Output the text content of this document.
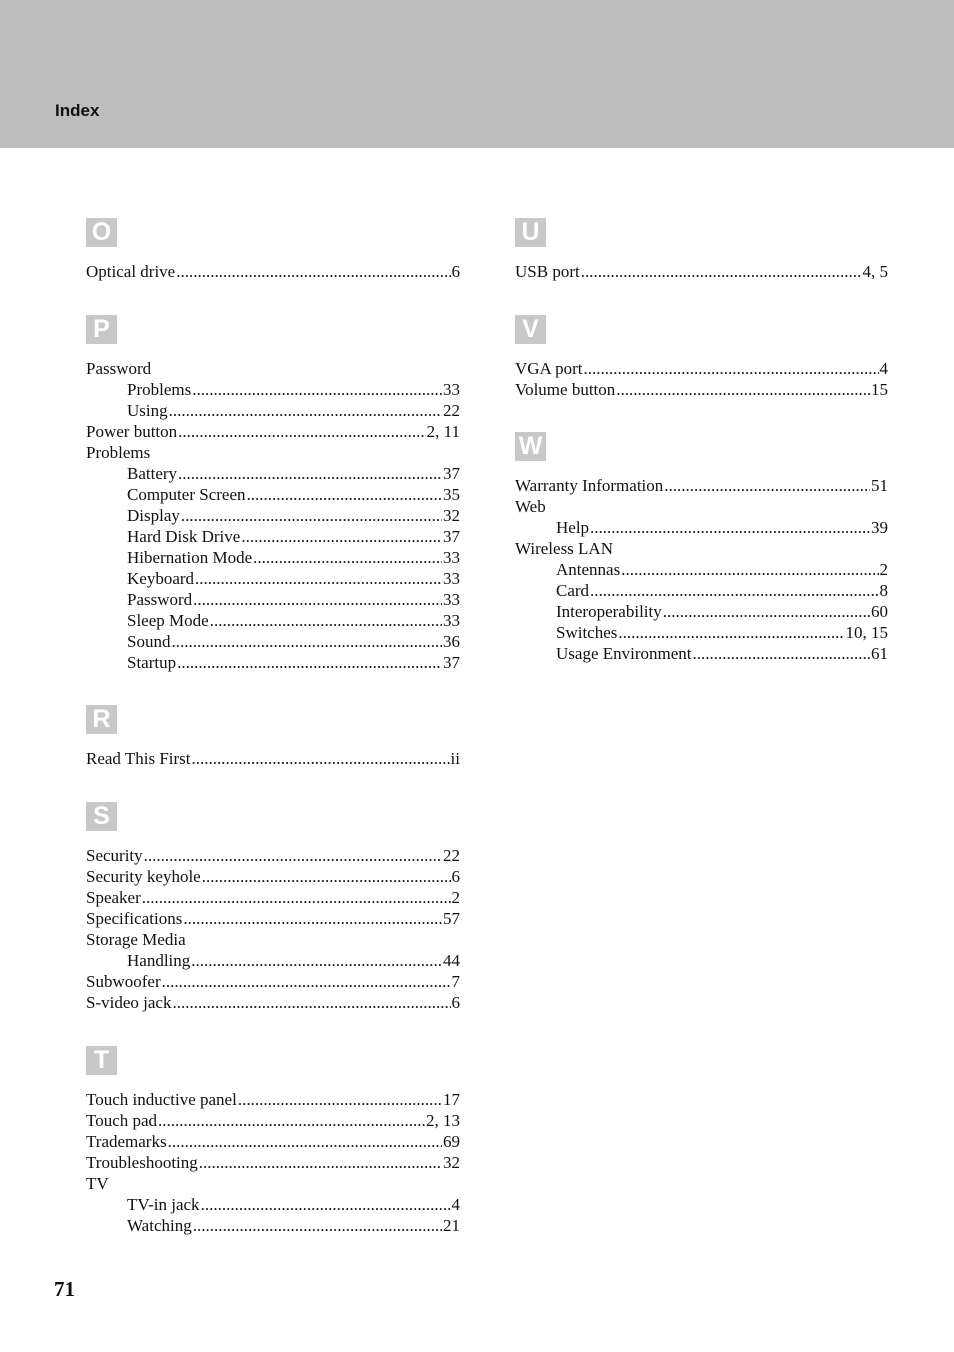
Index
O
Optical drive .....	6
P
Password
Problems .....	33
Using .....	22
Power button .....	2, 11
Problems
Battery .....	37
Computer Screen .....	35
Display .....	32
Hard Disk Drive .....	37
Hibernation Mode .....	33
Keyboard .....	33
Password .....	33
Sleep Mode .....	33
Sound .....	36
Startup .....	37
R
Read This First .....	ii
S
Security .....	22
Security keyhole .....	6
Speaker .....	2
Specifications .....	57
Storage Media
Handling .....	44
Subwoofer .....	7
S-video jack .....	6
T
Touch inductive panel .....	17
Touch pad .....	2, 13
Trademarks .....	69
Troubleshooting .....	32
TV
TV-in jack .....	4
Watching .....	21
U
USB port .....	4, 5
V
VGA port .....	4
Volume button .....	15
W
Warranty Information .....	51
Web
Help .....	39
Wireless LAN
Antennas .....	2
Card .....	8
Interoperability .....	60
Switches .....	10, 15
Usage Environment .....	61
71
